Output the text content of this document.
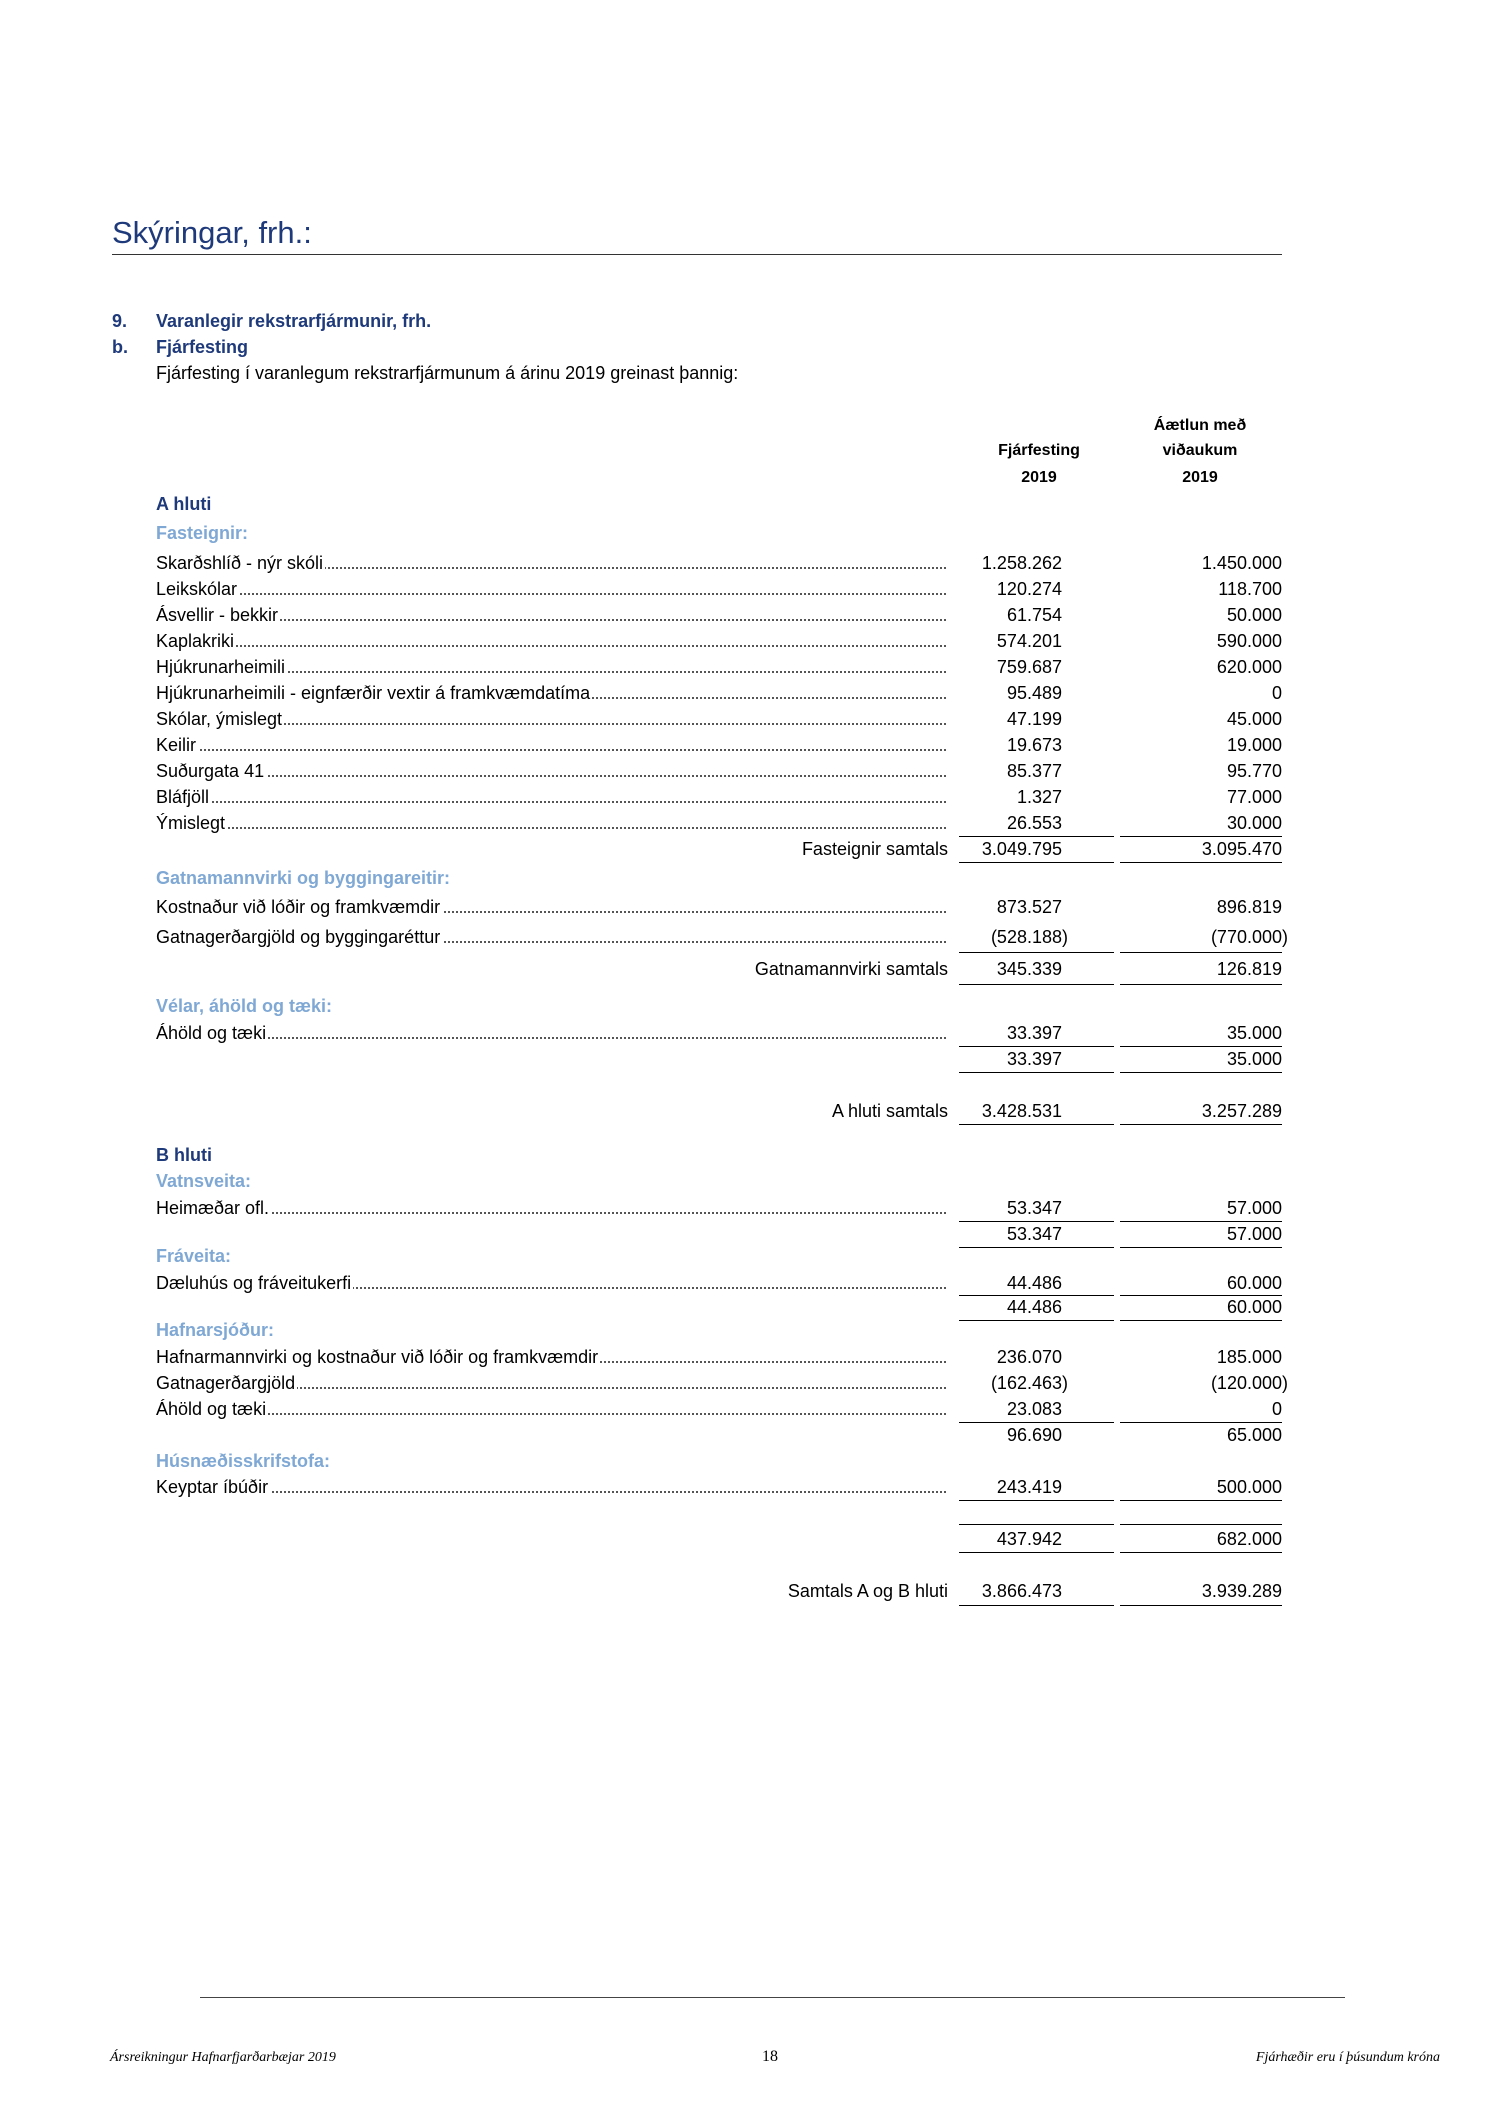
Skýringar, frh.:
9. Varanlegir rekstrarfjármunir, frh.
b. Fjárfesting
Fjárfesting í varanlegum rekstrarfjármunum á árinu 2019 greinast þannig:
Fjárfesting
2019
Áætlun með
viðaukum
2019
A hluti
Fasteignir:
Skarðshlíð - nýr skóli	1.258.262	1.450.000
Leikskólar	120.274	118.700
Ásvellir - bekkir	61.754	50.000
Kaplakriki	574.201	590.000
Hjúkrunarheimili	759.687	620.000
Hjúkrunarheimili - eignfærðir vextir á framkvæmdatíma	95.489	0
Skólar, ýmislegt	47.199	45.000
Keilir	19.673	19.000
Suðurgata 41	85.377	95.770
Bláfjöll	1.327	77.000
Ýmislegt	26.553	30.000
Fasteignir samtals	3.049.795	3.095.470
Gatnamannvirki og byggingareitir:
Kostnaður við lóðir og framkvæmdir	873.527	896.819
Gatnagerðargjöld og byggingaréttur	(528.188)	(770.000)
Gatnamannvirki samtals	345.339	126.819
Vélar, áhöld og tæki:
Áhöld og tæki	33.397	35.000
33.397	35.000
A hluti samtals	3.428.531	3.257.289
B hluti
Vatnsveita:
Heimæðar ofl.	53.347	57.000
53.347	57.000
Fráveita:
Dæluhús og fráveitukerfi	44.486	60.000
44.486	60.000
Hafnarsjóður:
Hafnarmannvirki og kostnaður við lóðir og framkvæmdir	236.070	185.000
Gatnagerðargjöld	(162.463)	(120.000)
Áhöld og tæki	23.083	0
96.690	65.000
Húsnæðisskrifstofa:
Keyptar íbúðir	243.419	500.000
437.942	682.000
Samtals A og B hluti	3.866.473	3.939.289
Ársreikningur Hafnarfjarðarbæjar 2019	18	Fjárhæðir eru í þúsundum króna
